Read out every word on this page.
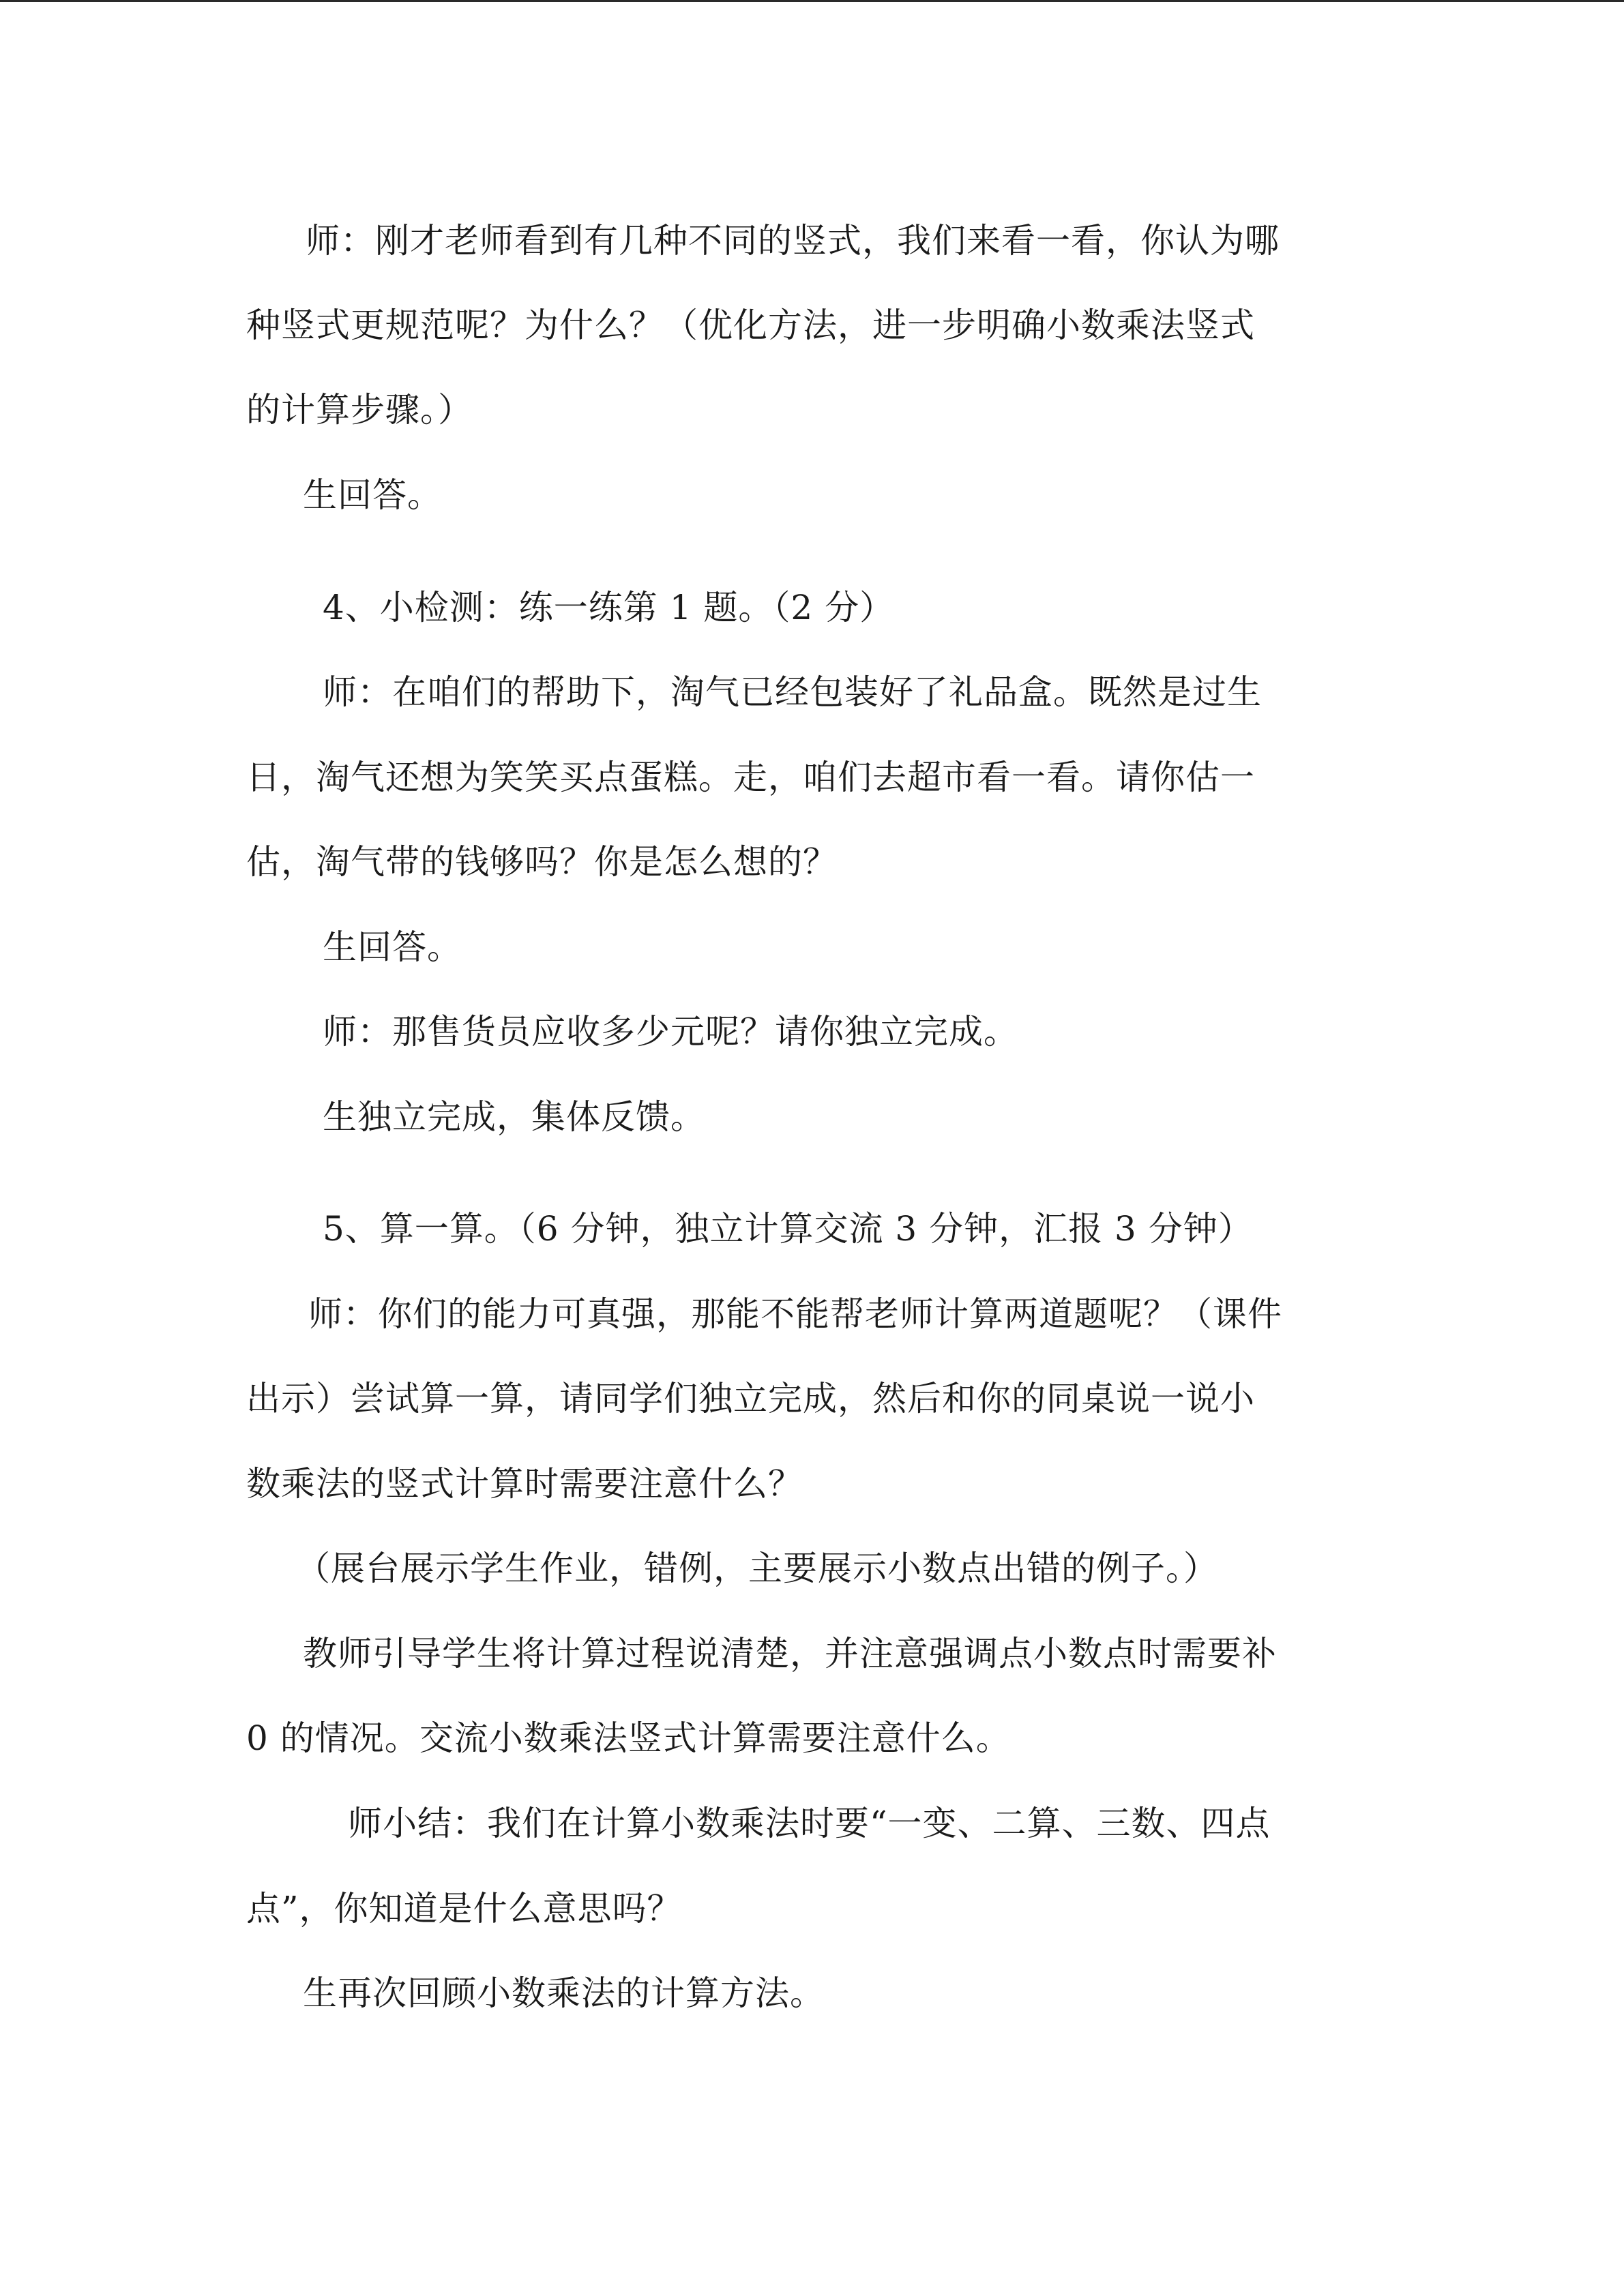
师：刚才老师看到有几种不同的竖式，我们来看一看，你认为哪
种竖式更规范呢？为什么？（优化方法，进一步明确小数乘法竖式
的计算步骤。）
生回答。
4、小检测：练一练第 1 题。（2 分）
师：在咱们的帮助下，淘气已经包装好了礼品盒。既然是过生
日，淘气还想为笑笑买点蛋糕。走，咱们去超市看一看。请你估一
估，淘气带的钱够吗？你是怎么想的？
生回答。
师：那售货员应收多少元呢？请你独立完成。
生独立完成，集体反馈。
5、算一算。（6 分钟，独立计算交流 3 分钟，汇报 3 分钟）
师：你们的能力可真强，那能不能帮老师计算两道题呢？（课件
出示）尝试算一算，请同学们独立完成，然后和你的同桌说一说小
数乘法的竖式计算时需要注意什么？
（展台展示学生作业，错例，主要展示小数点出错的例子。）
教师引导学生将计算过程说清楚，并注意强调点小数点时需要补
0 的情况。交流小数乘法竖式计算需要注意什么。
师小结：我们在计算小数乘法时要“一变、二算、三数、四点
点”，你知道是什么意思吗？
生再次回顾小数乘法的计算方法。
